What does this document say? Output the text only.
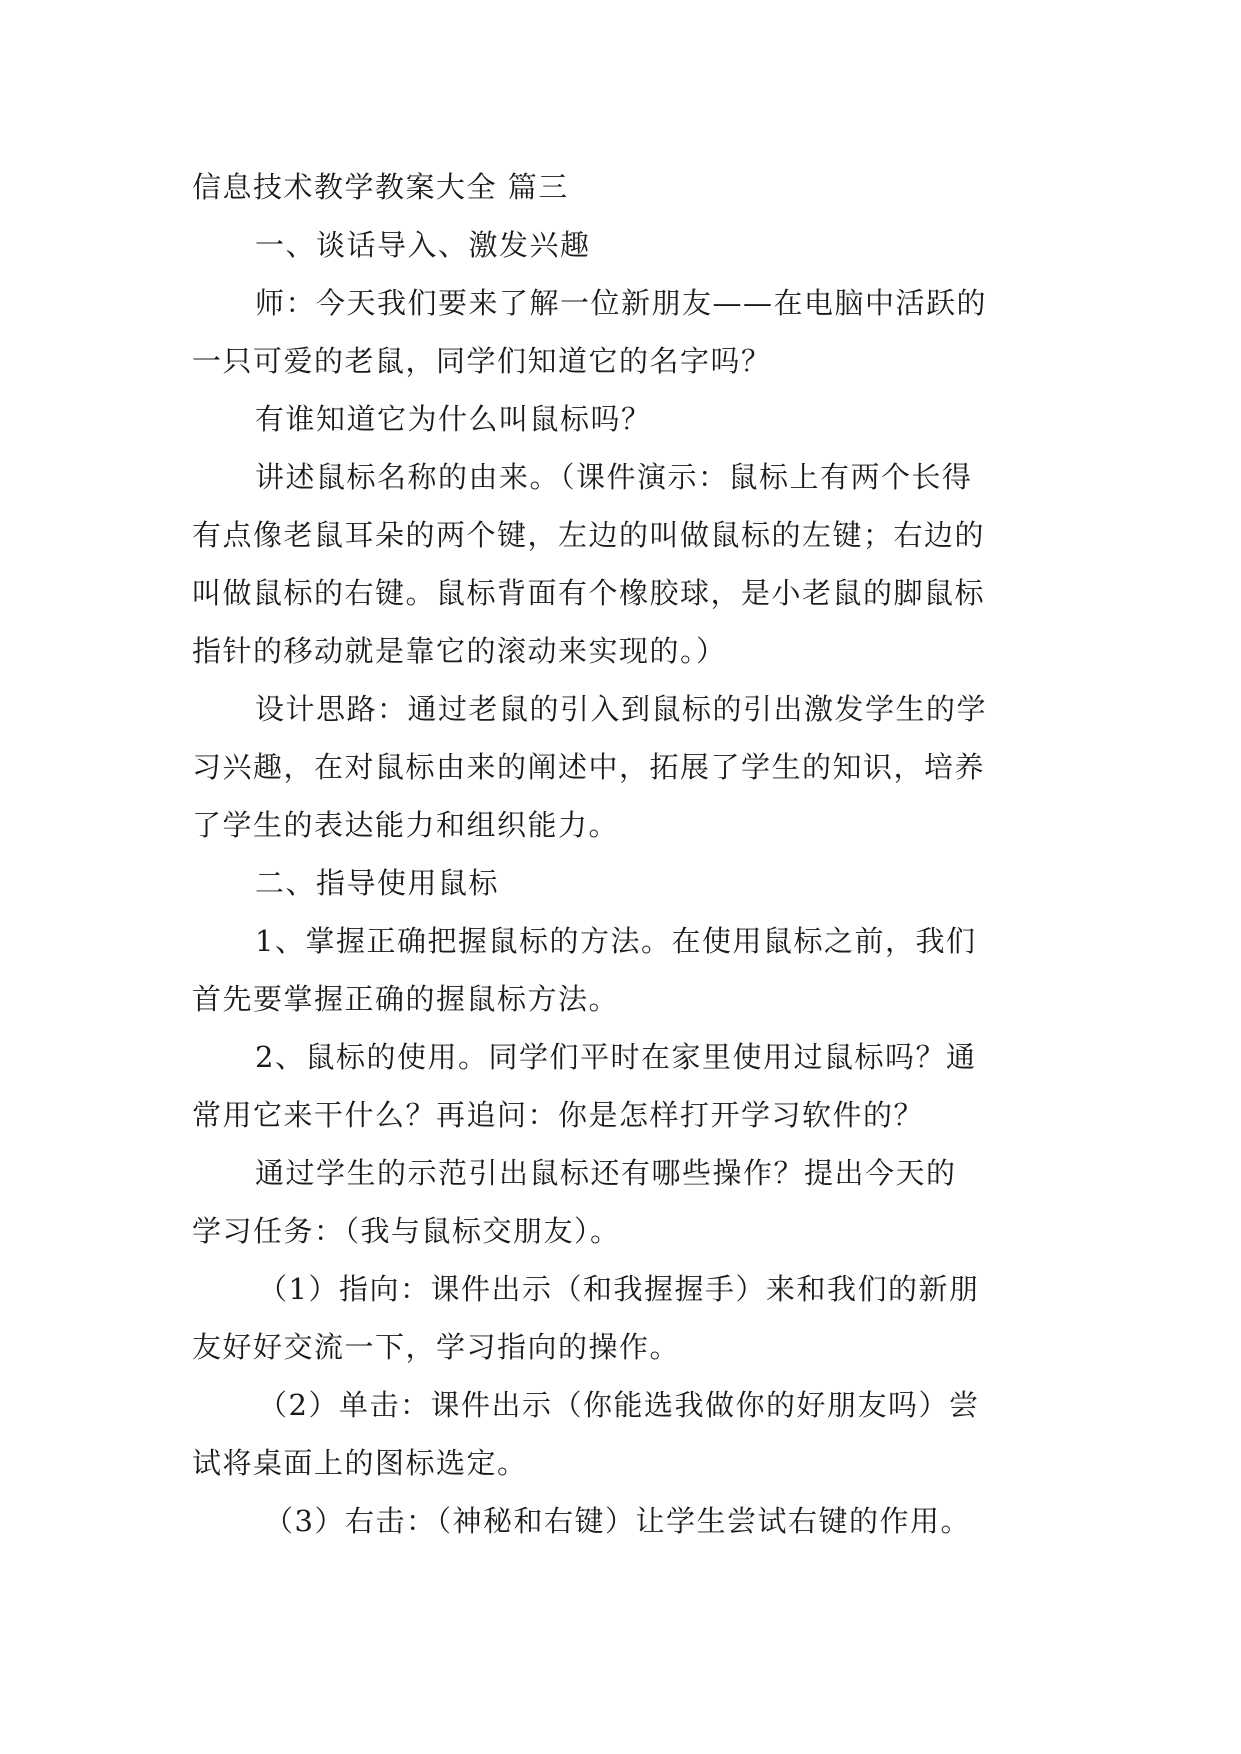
信息技术教学教案大全 篇三
一、谈话导入、激发兴趣
师：今天我们要来了解一位新朋友——在电脑中活跃的
一只可爱的老鼠，同学们知道它的名字吗？
有谁知道它为什么叫鼠标吗？
讲述鼠标名称的由来。（课件演示：鼠标上有两个长得
有点像老鼠耳朵的两个键，左边的叫做鼠标的左键；右边的
叫做鼠标的右键。鼠标背面有个橡胶球，是小老鼠的脚鼠标
指针的移动就是靠它的滚动来实现的。）
设计思路：通过老鼠的引入到鼠标的引出激发学生的学
习兴趣，在对鼠标由来的阐述中，拓展了学生的知识，培养
了学生的表达能力和组织能力。
二、指导使用鼠标
1、掌握正确把握鼠标的方法。在使用鼠标之前，我们
首先要掌握正确的握鼠标方法。
2、鼠标的使用。同学们平时在家里使用过鼠标吗？通
常用它来干什么？再追问：你是怎样打开学习软件的？
通过学生的示范引出鼠标还有哪些操作？提出今天的
学习任务：（我与鼠标交朋友）。
（1）指向：课件出示（和我握握手）来和我们的新朋
友好好交流一下，学习指向的操作。
（2）单击：课件出示（你能选我做你的好朋友吗）尝
试将桌面上的图标选定。
（3）右击：（神秘和右键）让学生尝试右键的作用。
